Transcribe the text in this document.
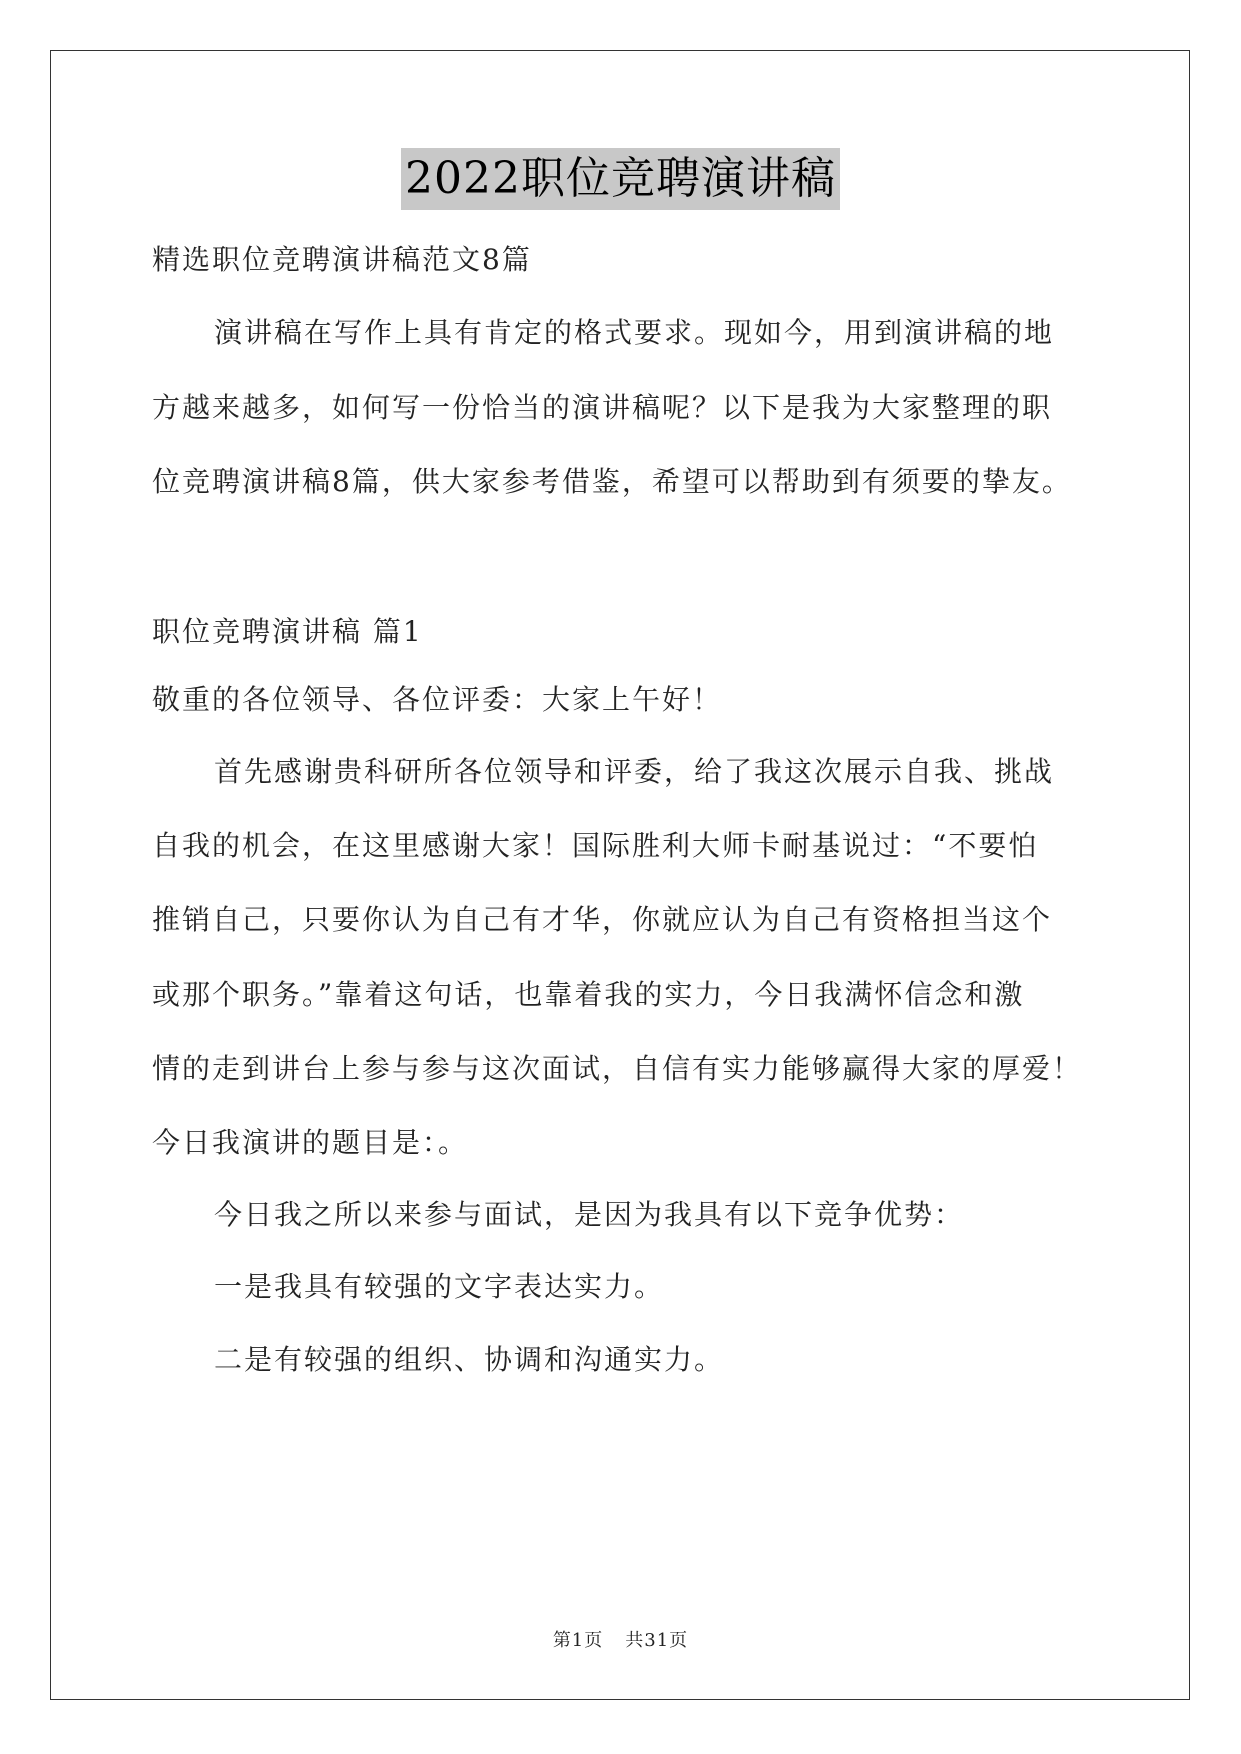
2022职位竞聘演讲稿
精选职位竞聘演讲稿范文8篇
演讲稿在写作上具有肯定的格式要求。现如今，用到演讲稿的地
方越来越多，如何写一份恰当的演讲稿呢？以下是我为大家整理的职
位竞聘演讲稿8篇，供大家参考借鉴，希望可以帮助到有须要的挚友。
职位竞聘演讲稿 篇1
敬重的各位领导、各位评委：大家上午好！
首先感谢贵科研所各位领导和评委，给了我这次展示自我、挑战
自我的机会，在这里感谢大家！国际胜利大师卡耐基说过：“不要怕
推销自己，只要你认为自己有才华，你就应认为自己有资格担当这个
或那个职务。”靠着这句话，也靠着我的实力，今日我满怀信念和激
情的走到讲台上参与参与这次面试，自信有实力能够赢得大家的厚爱！
今日我演讲的题目是：。
今日我之所以来参与面试，是因为我具有以下竞争优势：
一是我具有较强的文字表达实力。
二是有较强的组织、协调和沟通实力。
第1页 共31页
